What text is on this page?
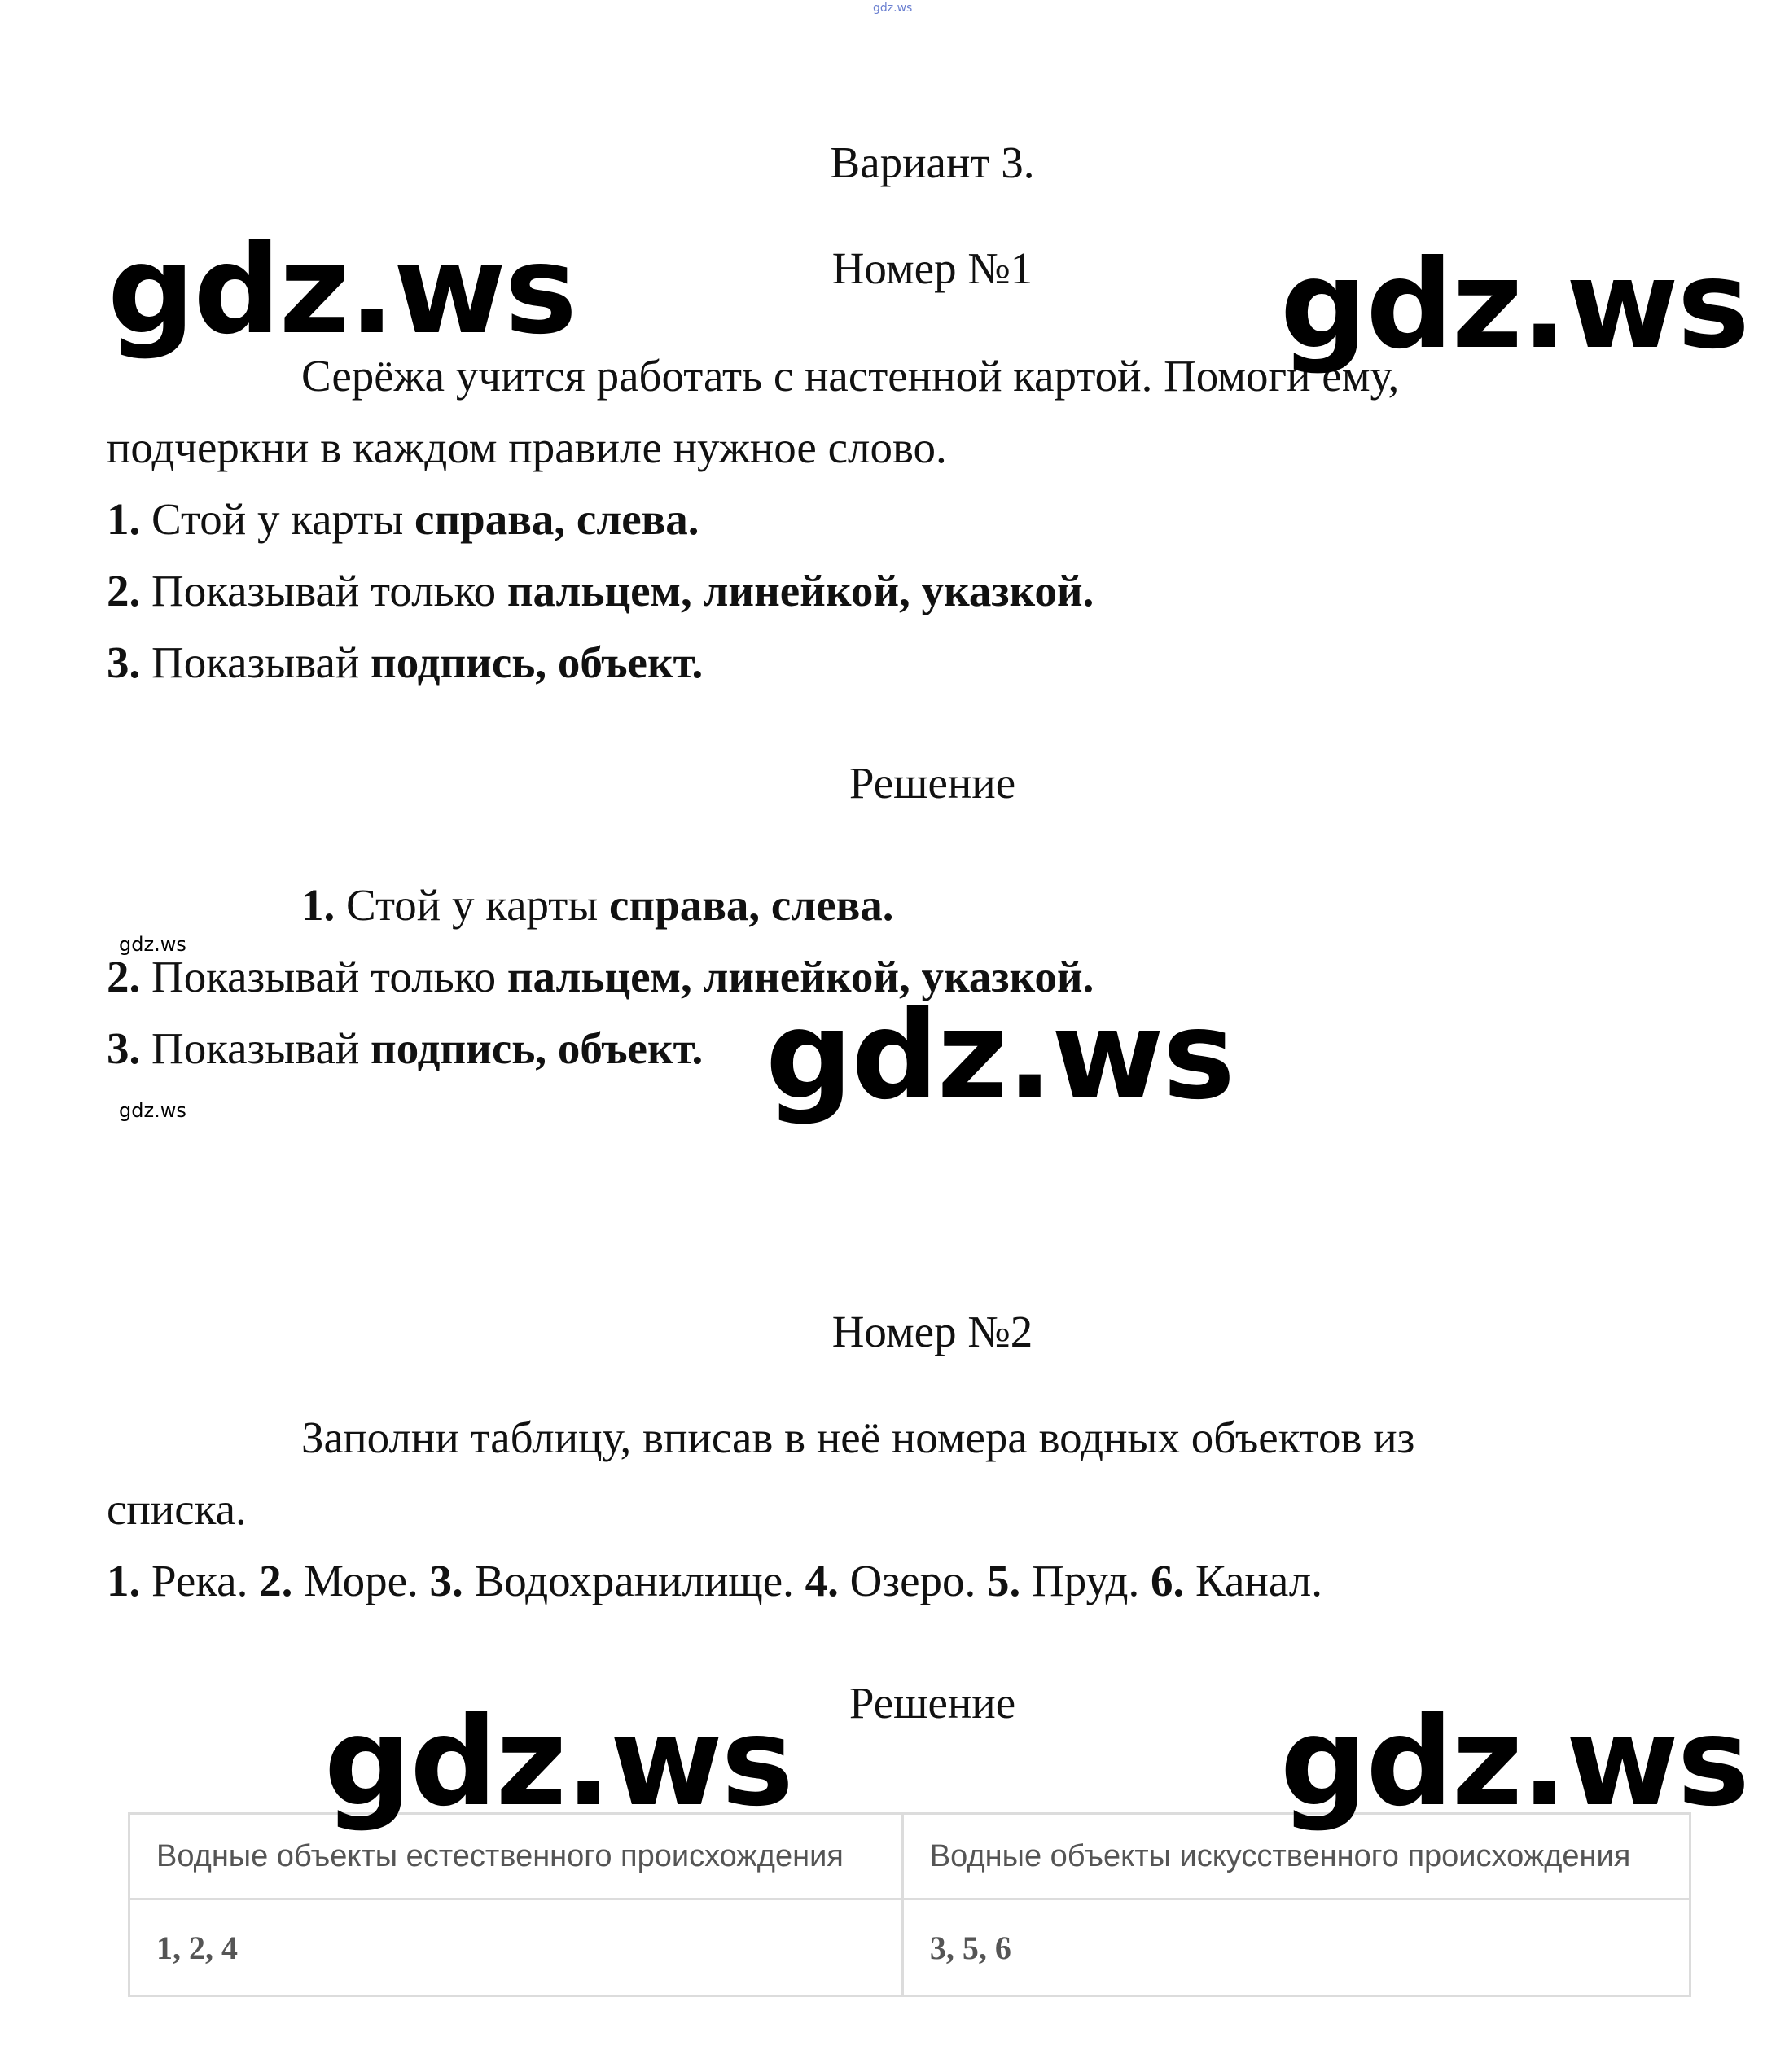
gdz.ws
Вариант 3.
Номер №1
Серёжа учится работать с настенной картой. Помоги ему,
подчеркни в каждом правиле нужное слово.
1. Стой у карты справа, слева.
2. Показывай только пальцем, линейкой, указкой.
3. Показывай подпись, объект.
Решение
1. Стой у карты справа, слева.
2. Показывай только пальцем, линейкой, указкой.
3. Показывай подпись, объект.
Номер №2
Заполни таблицу, вписав в неё номера водных объектов из
списка.
1. Река. 2. Море. 3. Водохранилище. 4. Озеро. 5. Пруд. 6. Канал.
Решение
Водные объекты естественного происхождения	Водные объекты искусственного происхождения
1, 2, 4	3, 5, 6
gdz.ws	gdz.ws
gdz.ws
gdz.ws	gdz.ws
gdz.ws
gdz.ws
